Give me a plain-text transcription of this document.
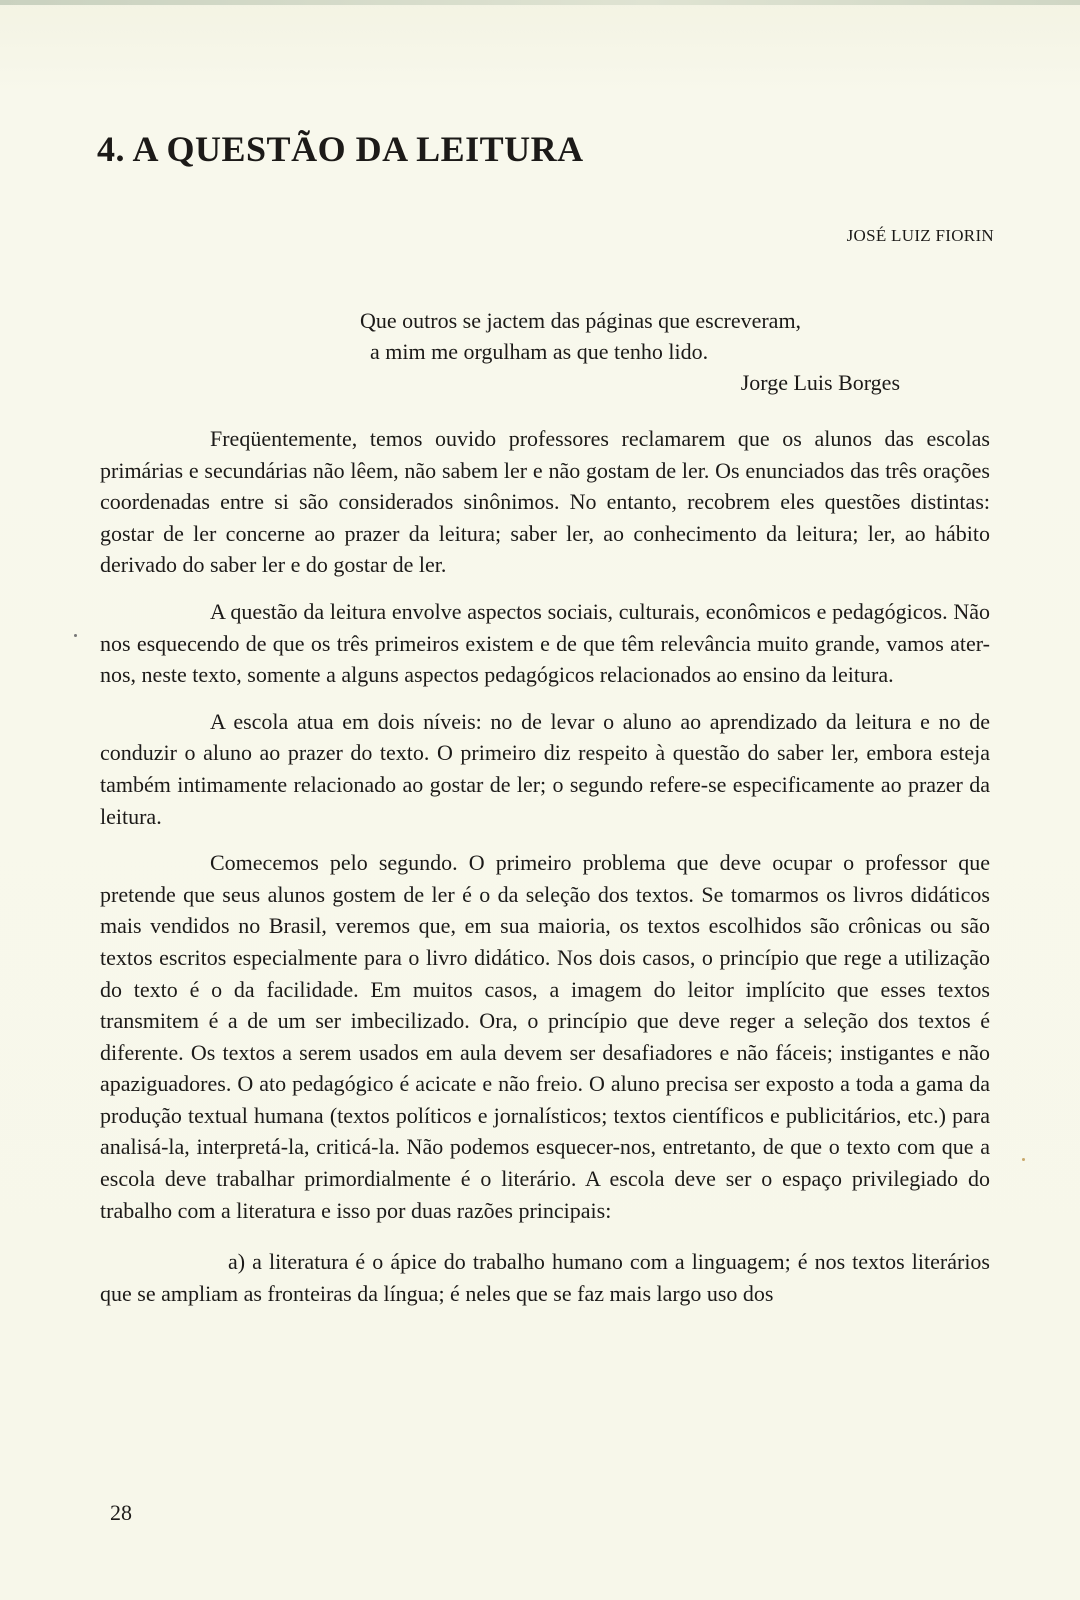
4. A QUESTÃO DA LEITURA
JOSÉ LUIZ FIORIN
Que outros se jactem das páginas que escreveram,
a mim me orgulham as que tenho lido.
Jorge Luis Borges

Freqüentemente, temos ouvido professores reclamarem que os alunos das escolas primárias e secundárias não lêem, não sabem ler e não gostam de ler. Os enunciados das três orações coordenadas entre si são considerados sinônimos. No entanto, recobrem eles questões distintas: gostar de ler concerne ao prazer da leitura; saber ler, ao conhecimento da leitura; ler, ao hábito derivado do saber ler e do gostar de ler.

A questão da leitura envolve aspectos sociais, culturais, econômicos e pedagógicos. Não nos esquecendo de que os três primeiros existem e de que têm relevância muito grande, vamos ater-nos, neste texto, somente a alguns aspectos pedagógicos relacionados ao ensino da leitura.

A escola atua em dois níveis: no de levar o aluno ao aprendizado da leitura e no de conduzir o aluno ao prazer do texto. O primeiro diz respeito à questão do saber ler, embora esteja também intimamente relacionado ao gostar de ler; o segundo refere-se especificamente ao prazer da leitura.

Comecemos pelo segundo. O primeiro problema que deve ocupar o professor que pretende que seus alunos gostem de ler é o da seleção dos textos. Se tomarmos os livros didáticos mais vendidos no Brasil, veremos que, em sua maioria, os textos escolhidos são crônicas ou são textos escritos especialmente para o livro didático. Nos dois casos, o princípio que rege a utilização do texto é o da facilidade. Em muitos casos, a imagem do leitor implícito que esses textos transmitem é a de um ser imbecilizado. Ora, o princípio que deve reger a seleção dos textos é diferente. Os textos a serem usados em aula devem ser desafiadores e não fáceis; instigantes e não apaziguadores. O ato pedagógico é acicate e não freio. O aluno precisa ser exposto a toda a gama da produção textual humana (textos políticos e jornalísticos; textos científicos e publicitários, etc.) para analisá-la, interpretá-la, criticá-la. Não podemos esquecer-nos, entretanto, de que o texto com que a escola deve trabalhar primordialmente é o literário. A escola deve ser o espaço privilegiado do trabalho com a literatura e isso por duas razões principais:

a) a literatura é o ápice do trabalho humano com a linguagem; é nos textos literários que se ampliam as fronteiras da língua; é neles que se faz mais largo uso dos

28
